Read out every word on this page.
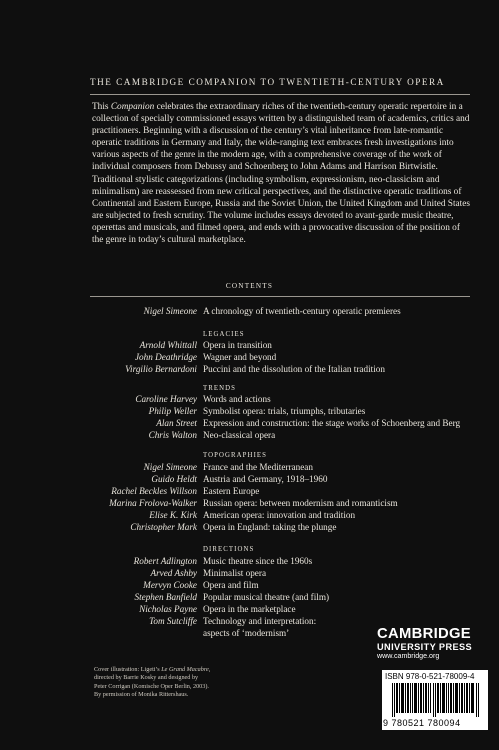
THE CAMBRIDGE COMPANION TO TWENTIETH-CENTURY OPERA

This Companion celebrates the extraordinary riches of the twentieth-century operatic repertoire in a collection of specially commissioned essays written by a distinguished team of academics, critics and practitioners. Beginning with a discussion of the century’s vital inheritance from late-romantic operatic traditions in Germany and Italy, the wide-ranging text embraces fresh investigations into various aspects of the genre in the modern age, with a comprehensive coverage of the work of individual composers from Debussy and Schoenberg to John Adams and Harrison Birtwistle. Traditional stylistic categorizations (including symbolism, expressionism, neo-classicism and minimalism) are reassessed from new critical perspectives, and the distinctive operatic traditions of Continental and Eastern Europe, Russia and the Soviet Union, the United Kingdom and United States are subjected to fresh scrutiny. The volume includes essays devoted to avant-garde music theatre, operettas and musicals, and filmed opera, and ends with a provocative discussion of the position of the genre in today’s cultural marketplace.

CONTENTS
Nigel Simeone A chronology of twentieth-century operatic premieres
LEGACIES
Arnold Whittall Opera in transition
John Deathridge Wagner and beyond
Virgilio Bernardoni Puccini and the dissolution of the Italian tradition
TRENDS
Caroline Harvey Words and actions
Philip Weller Symbolist opera: trials, triumphs, tributaries
Alan Street Expression and construction: the stage works of Schoenberg and Berg
Chris Walton Neo-classical opera
TOPOGRAPHIES
Nigel Simeone France and the Mediterranean
Guido Heldt Austria and Germany, 1918–1960
Rachel Beckles Willson Eastern Europe
Marina Frolova-Walker Russian opera: between modernism and romanticism
Elise K. Kirk American opera: innovation and tradition
Christopher Mark Opera in England: taking the plunge
DIRECTIONS
Robert Adlington Music theatre since the 1960s
Arved Ashby Minimalist opera
Mervyn Cooke Opera and film
Stephen Banfield Popular musical theatre (and film)
Nicholas Payne Opera in the marketplace
Tom Sutcliffe Technology and interpretation:
aspects of ‘modernism’
Cover illustration: Ligeti’s Le Grand Macabre,
directed by Barrie Kosky and designed by
Peter Corrigan (Komische Oper Berlin, 2003).
By permission of Monika Rittershaus.
CAMBRIDGE
UNIVERSITY PRESS
www.cambridge.org
ISBN 978-0-521-78009-4
9 780521 780094
